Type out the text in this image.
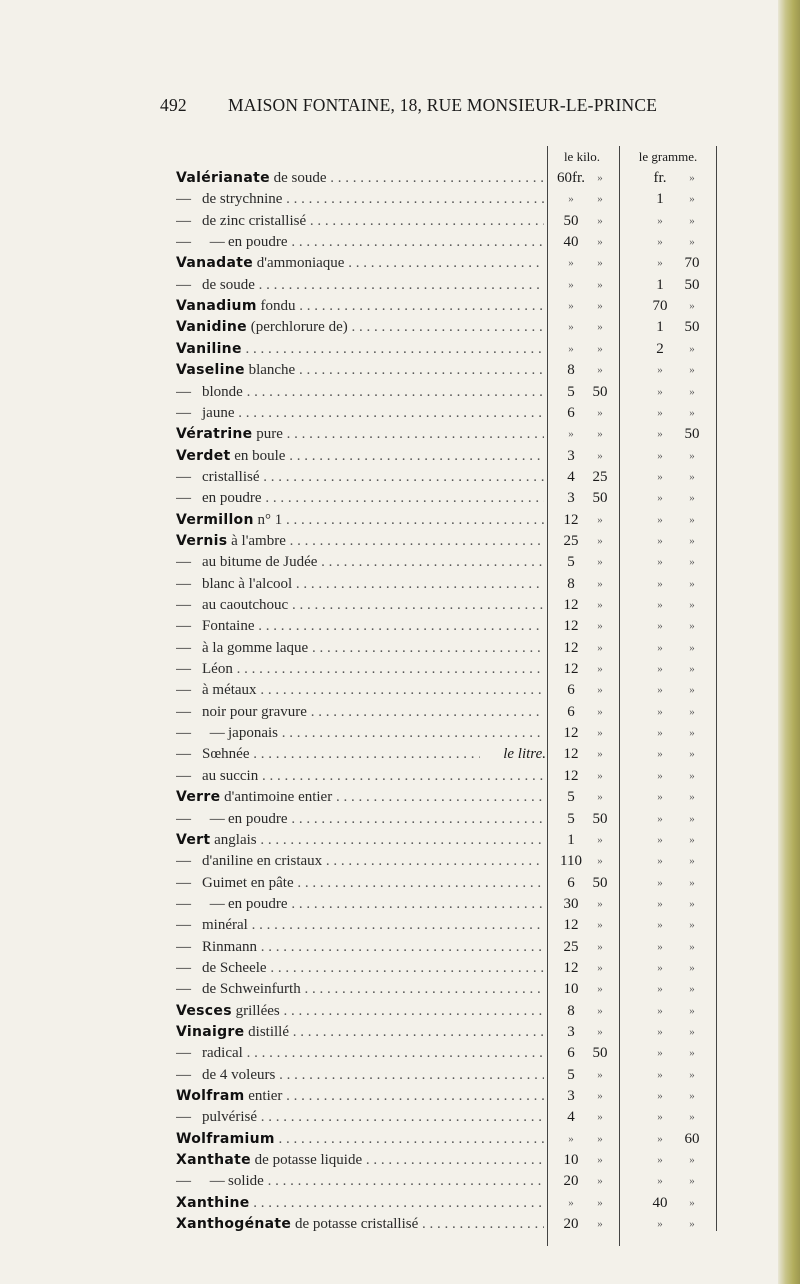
492 MAISON FONTAINE, 18, RUE MONSIEUR-LE-PRINCE
le kilo.	le gramme.
Valérianate de soude . . .	60fr.	»	fr.	»
— de strychnine . . .	»	»	1	»
— de zinc cristallisé . . .	50	»	»	»
—     — en poudre . . .	40	»	»	»
Vanadate d'ammoniaque . . .	»	»	»	70
— de soude . . .	»	»	1	50
Vanadium fondu . . .	»	»	70	»
Vanidine (perchlorure de) . . .	»	»	1	50
Vaniline . . .	»	»	2	»
Vaseline blanche . . .	8	»	»	»
— blonde . . .	5	50	»	»
— jaune . . .	6	»	»	»
Vératrine pure . . .	»	»	»	50
Verdet en boule . . .	3	»	»	»
— cristallisé . . .	4	25	»	»
— en poudre . . .	3	50	»	»
Vermillon n° 1 . . .	12	»	»	»
Vernis à l'ambre . . .	25	»	»	»
— au bitume de Judée . . .	5	»	»	»
— blanc à l'alcool . . .	8	»	»	»
— au caoutchouc . . .	12	»	»	»
— Fontaine . . .	12	»	»	»
— à la gomme laque . . .	12	»	»	»
— Léon . . .	12	»	»	»
— à métaux . . .	6	»	»	»
— noir pour gravure . . .	6	»	»	»
—     — japonais . . .	12	»	»	»
— Sœhnée . . .	le litre.	12	»	»	»
— au succin . . .	12	»	»	»
Verre d'antimoine entier . . .	5	»	»	»
—     — en poudre . . .	5	50	»	»
Vert anglais . . .	1	»	»	»
— d'aniline en cristaux . . .	110	»	»	»
— Guimet en pâte . . .	6	50	»	»
—     — en poudre . . .	30	»	»	»
— minéral . . .	12	»	»	»
— Rinmann . . .	25	»	»	»
— de Scheele . . .	12	»	»	»
— de Schweinfurth . . .	10	»	»	»
Vesces grillées . . .	8	»	»	»
Vinaigre distillé . . .	3	»	»	»
— radical . . .	6	50	»	»
— de 4 voleurs . . .	5	»	»	»
Wolfram entier . . .	3	»	»	»
— pulvérisé . . .	4	»	»	»
Wolframium . . .	»	»	»	60
Xanthate de potasse liquide . . .	10	»	»	»
—     — solide . . .	20	»	»	»
Xanthine . . .	»	»	40	»
Xanthogénate de potasse cristallisé . . .	20	»	»	»
